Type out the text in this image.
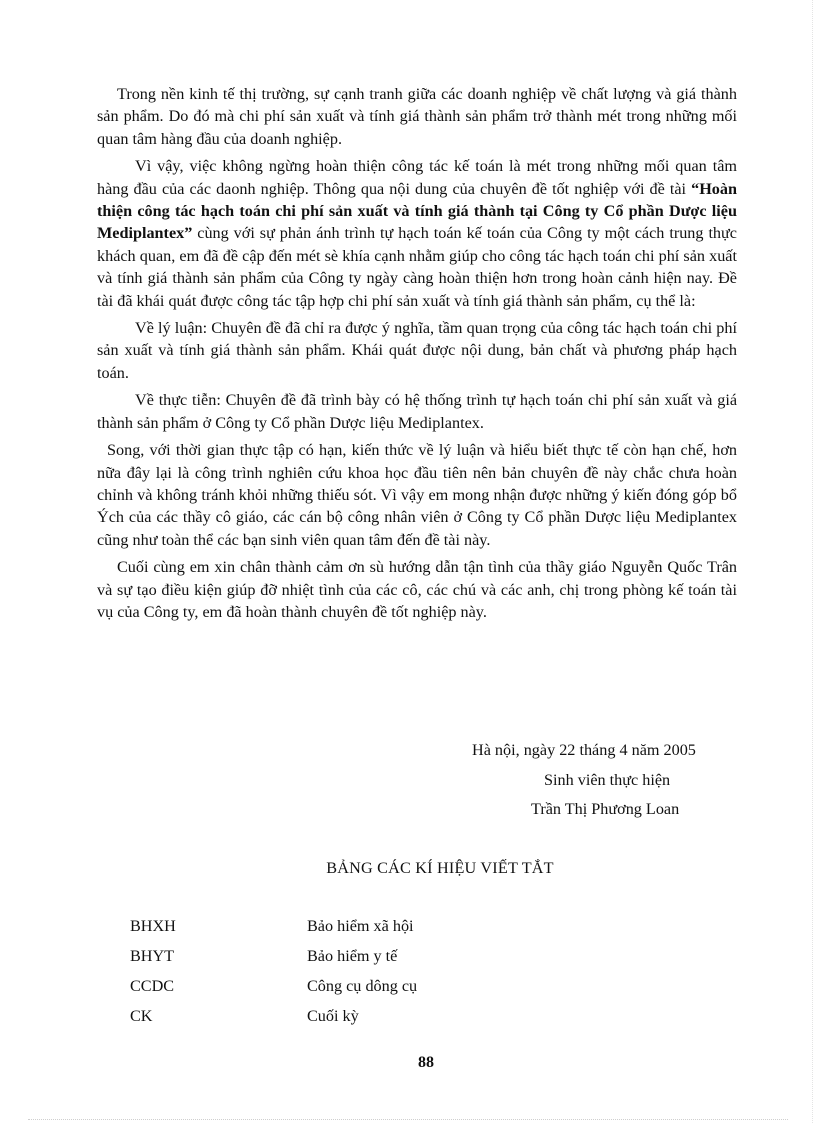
Trong nền kinh tế thị trường, sự cạnh tranh giữa các doanh nghiệp về chất lượng và giá thành sản phẩm. Do đó mà chi phí sản xuất và tính giá thành sản phẩm trở thành mét trong những mối quan tâm hàng đầu của doanh nghiệp.

Vì vậy, việc không ngừng hoàn thiện công tác kế toán là mét trong những mối quan tâm hàng đầu của các daonh nghiệp. Thông qua nội dung của chuyên đề tốt nghiệp với đề tài “Hoàn thiện công tác hạch toán chi phí sản xuất và tính giá thành tại Công ty Cổ phần Dược liệu Mediplantex” cùng với sự phản ánh trình tự hạch toán kế toán của Công ty một cách trung thực khách quan, em đã đề cập đến mét sè khía cạnh nhằm giúp cho công tác hạch toán chi phí sản xuất và tính giá thành sản phẩm của Công ty ngày càng hoàn thiện hơn trong hoàn cảnh hiện nay. Đề tài đã khái quát được công tác tập hợp chi phí sản xuất và tính giá thành sản phẩm, cụ thể là:

Về lý luận: Chuyên đề đã chỉ ra được ý nghĩa, tầm quan trọng của công tác hạch toán chi phí sản xuất và tính giá thành sản phẩm. Khái quát được nội dung, bản chất và phương pháp hạch toán.

Về thực tiễn: Chuyên đề đã trình bày có hệ thống trình tự hạch toán chi phí sản xuất và giá thành sản phẩm ở Công ty Cổ phần Dược liệu Mediplantex.

Song, với thời gian thực tập có hạn, kiến thức về lý luận và hiểu biết thực tế còn hạn chế, hơn nữa đây lại là công trình nghiên cứu khoa học đầu tiên nên bản chuyên đề này chắc chưa hoàn chỉnh và không tránh khỏi những thiếu sót. Vì vậy em mong nhận được những ý kiến đóng góp bổ Ých của các thầy cô giáo, các cán bộ công nhân viên ở Công ty Cổ phần Dược liệu Mediplantex cũng như toàn thể các bạn sinh viên quan tâm đến đề tài này.

Cuối cùng em xin chân thành cảm ơn sù hướng dẫn tận tình của thầy giáo Nguyễn Quốc Trân và sự tạo điều kiện giúp đỡ nhiệt tình của các cô, các chú và các anh, chị trong phòng kế toán tài vụ của Công ty, em đã hoàn thành chuyên đề tốt nghiệp này.

Hà nội, ngày 22 tháng 4 năm 2005
Sinh viên thực hiện
Trần Thị Phương Loan
BẢNG CÁC KÍ HIỆU VIẾT TẮT
BHXH	Bảo hiểm xã hội
BHYT	Bảo hiểm y tế
CCDC	Công cụ dông cụ
CK	Cuối kỳ
88
